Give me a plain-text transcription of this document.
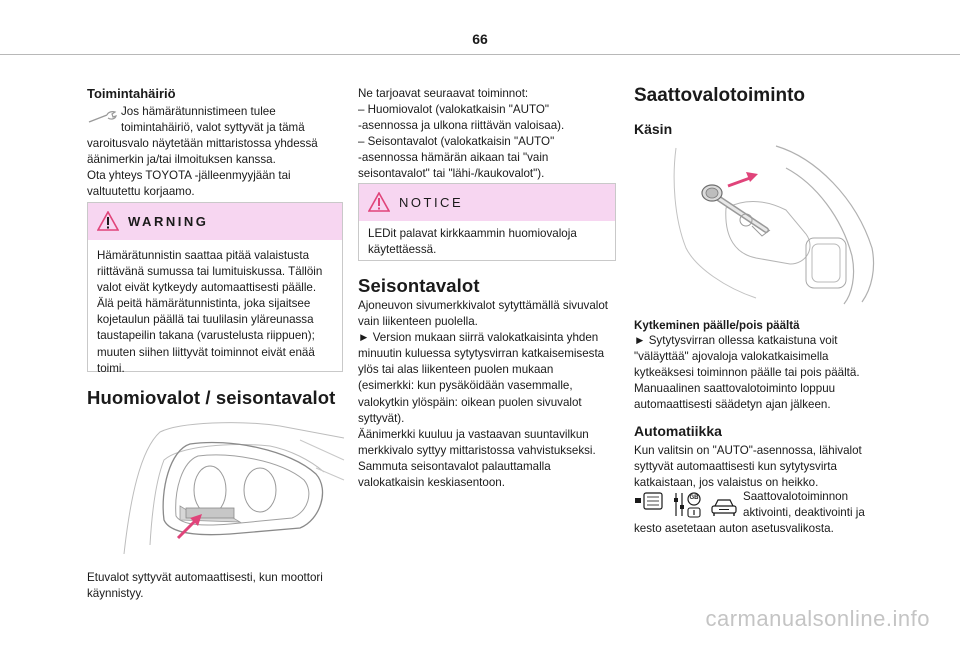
66
Toimintahäiriö
Jos hämärätunnistimeen tulee
toimintahäiriö, valot syttyvät ja tämä
varoitusvalo näytetään mittaristossa yhdessä
äänimerkin ja/tai ilmoituksen kanssa.
Ota yhteys TOYOTA -jälleenmyyjään tai
valtuutettu korjaamo.
WARNING
Hämärätunnistin saattaa pitää valaistusta
riittävänä sumussa tai lumituiskussa. Tällöin
valot eivät kytkeydy automaattisesti päälle.
Älä peitä hämärätunnistinta, joka sijaitsee
kojetaulun päällä tai tuulilasin yläreunassa
taustapeilin takana (varustelusta riippuen);
muuten siihen liittyvät toiminnot eivät enää
toimi.
Huomiovalot / seisontavalot
Etuvalot syttyvät automaattisesti, kun moottori
käynnistyy.
Ne tarjoavat seuraavat toiminnot:
– Huomiovalot (valokatkaisin "AUTO"
-asennossa ja ulkona riittävän valoisaa).
– Seisontavalot (valokatkaisin "AUTO"
-asennossa hämärän aikaan tai "vain
seisontavalot" tai "lähi-/kaukovalot").
NOTICE
LEDit palavat kirkkaammin huomiovaloja
käytettäessä.
Seisontavalot
Ajoneuvon sivumerkkivalot sytyttämällä sivuvalot
vain liikenteen puolella.
► Version mukaan siirrä valokatkaisinta yhden
minuutin kuluessa sytytysvirran katkaisemisesta
ylös tai alas liikenteen puolen mukaan
(esimerkki: kun pysäköidään vasemmalle,
valokytkin ylöspäin: oikean puolen sivuvalot
syttyvät).
Äänimerkki kuuluu ja vastaavan suuntavilkun
merkkivalo syttyy mittaristossa vahvistukseksi.
Sammuta seisontavalot palauttamalla
valokatkaisin keskiasentoon.
Saattovalotoiminto
Käsin
Kytkeminen päälle/pois päältä
► Sytytysvirran ollessa katkaistuna voit
"väläyttää" ajovaloja valokatkaisimella
kytkeäksesi toiminnon päälle tai pois päältä.
Manuaalinen saattovalotoiminto loppuu
automaattisesti säädetyn ajan jälkeen.
Automatiikka
Kun valitsin on "AUTO"-asennossa, lähivalot
syttyvät automaattisesti kun sytytysvirta
katkaistaan, jos valaistus on heikko.
GB	Saattovalotoiminnon
aktivointi, deaktivointi ja
kesto asetetaan auton asetusvalikosta.
carmanualsonline.info
